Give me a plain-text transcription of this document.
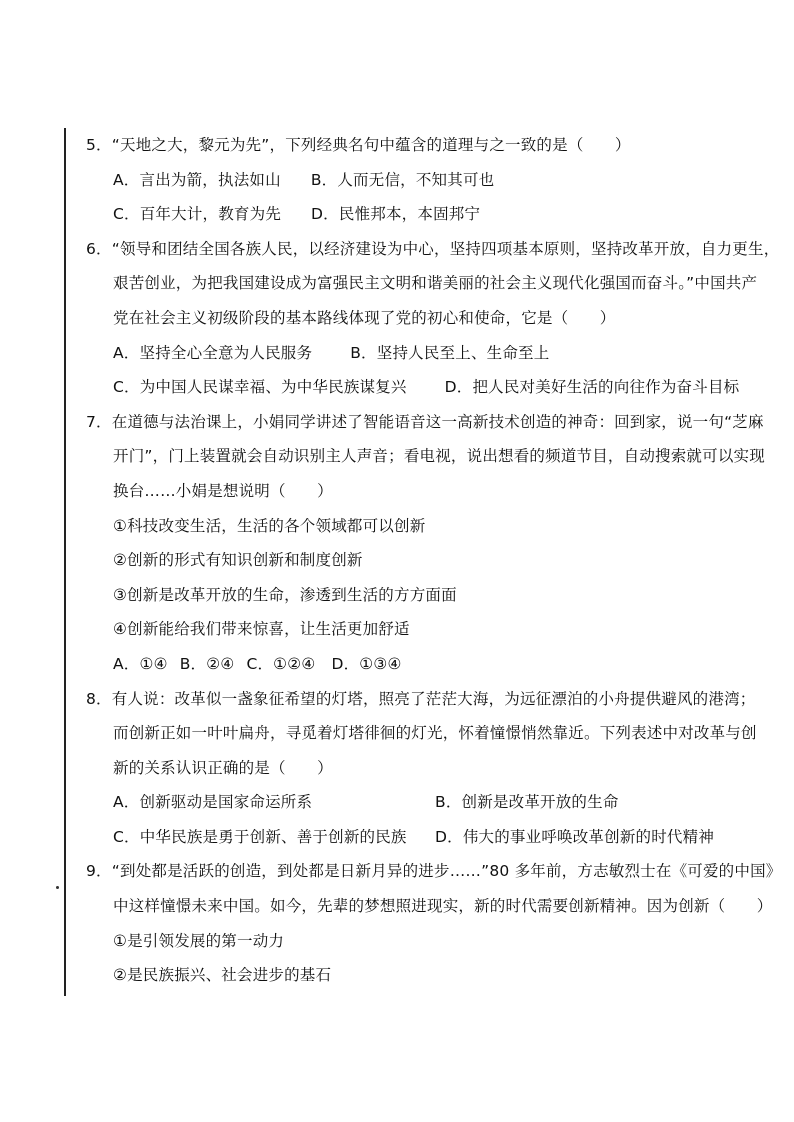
5．“天地之大，黎元为先”，下列经典名句中蕴含的道理与之一致的是（　　）
A．言出为箭，执法如山 B．人而无信，不知其可也
C．百年大计，教育为先 D．民惟邦本，本固邦宁
6．“领导和团结全国各族人民，以经济建设为中心，坚持四项基本原则，坚持改革开放，自力更生，
艰苦创业，为把我国建设成为富强民主文明和谐美丽的社会主义现代化强国而奋斗。”中国共产
党在社会主义初级阶段的基本路线体现了党的初心和使命，它是（　　）
A．坚持全心全意为人民服务 B．坚持人民至上、生命至上
C．为中国人民谋幸福、为中华民族谋复兴 D．把人民对美好生活的向往作为奋斗目标
7．在道德与法治课上，小娟同学讲述了智能语音这一高新技术创造的神奇：回到家，说一句“芝麻
开门”，门上装置就会自动识别主人声音；看电视，说出想看的频道节目，自动搜索就可以实现
换台……小娟是想说明（　　）
①科技改变生活，生活的各个领域都可以创新
②创新的形式有知识创新和制度创新
③创新是改革开放的生命，渗透到生活的方方面面
④创新能给我们带来惊喜，让生活更加舒适
A．①④ B．②④ C．①②④ D．①③④
8．有人说：改革似一盏象征希望的灯塔，照亮了茫茫大海，为远征漂泊的小舟提供避风的港湾；
而创新正如一叶叶扁舟，寻觅着灯塔徘徊的灯光，怀着憧憬悄然靠近。下列表述中对改革与创
新的关系认识正确的是（　　）
A．创新驱动是国家命运所系	B．创新是改革开放的生命
C．中华民族是勇于创新、善于创新的民族 D．伟大的事业呼唤改革创新的时代精神
9．“到处都是活跃的创造，到处都是日新月异的进步……”80 多年前，方志敏烈士在《可爱的中国》
中这样憧憬未来中国。如今，先辈的梦想照进现实，新的时代需要创新精神。因为创新（　　）
①是引领发展的第一动力
②是民族振兴、社会进步的基石
